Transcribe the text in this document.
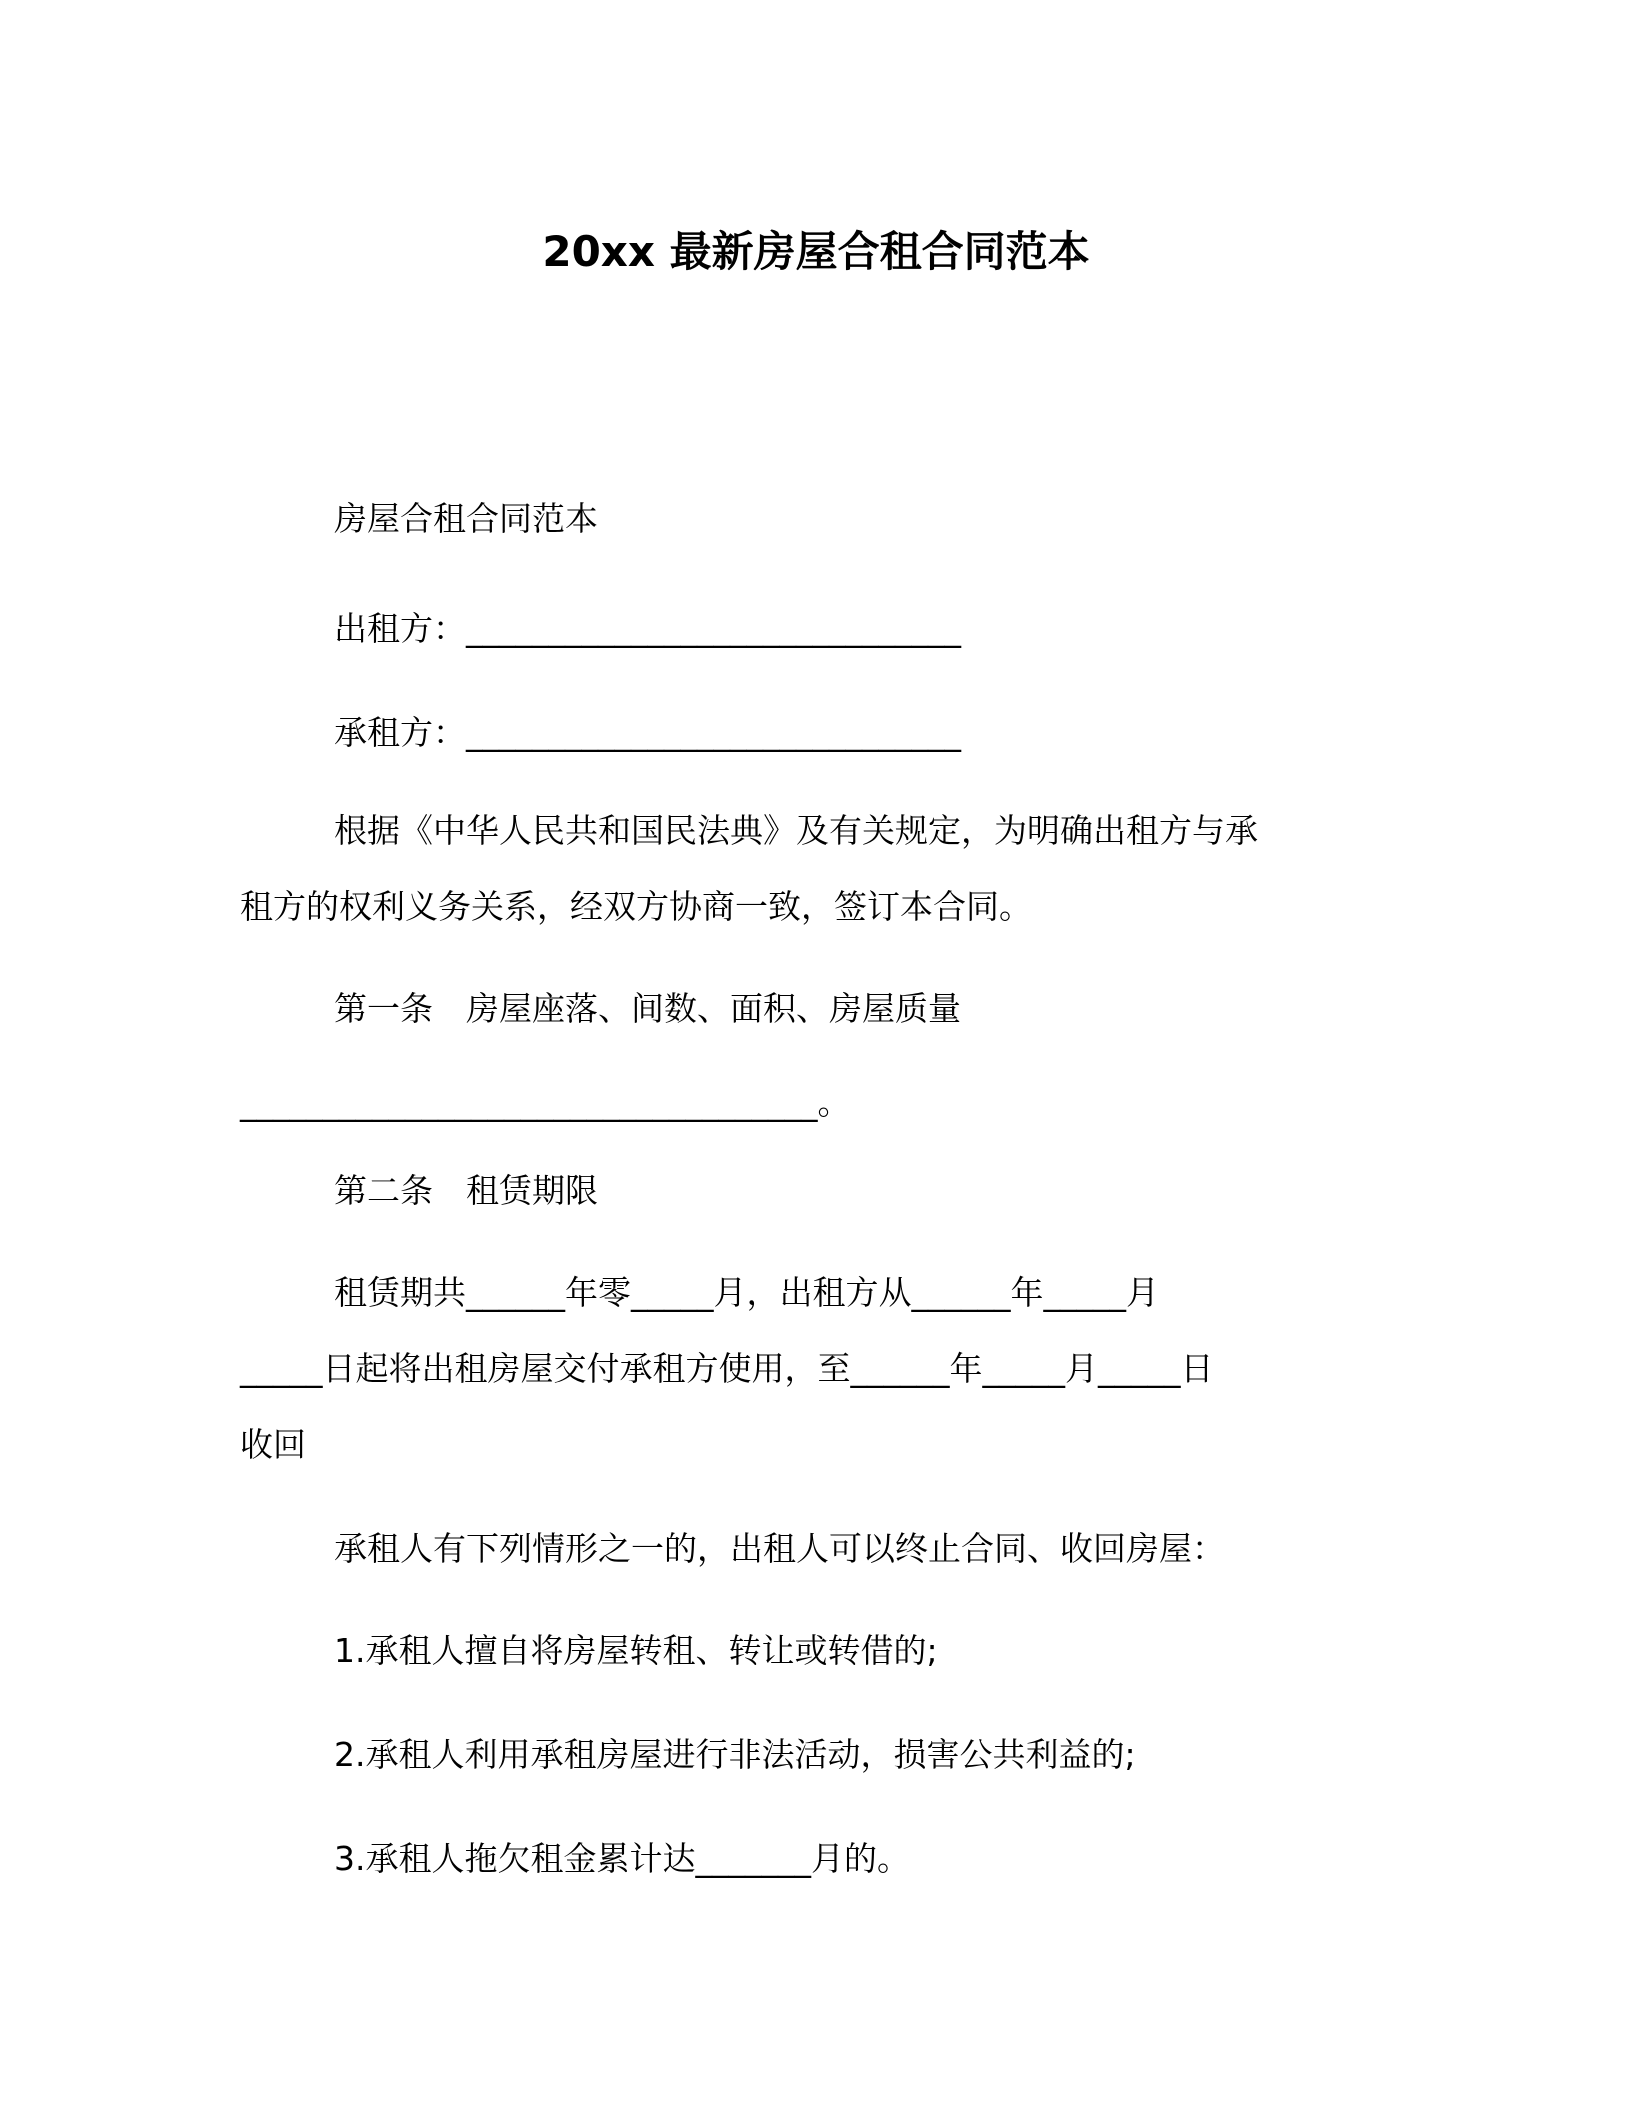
20xx 最新房屋合租合同范本
房屋合租合同范本
出租方：______________________________
承租方：______________________________
根据《中华人民共和国民法典》及有关规定，为明确出租方与承
租方的权利义务关系，经双方协商一致，签订本合同。
第一条　房屋座落、间数、面积、房屋质量
___________________________________。
第二条　租赁期限
租赁期共______年零_____月，出租方从______年_____月
_____日起将出租房屋交付承租方使用，至______年_____月_____日
收回
承租人有下列情形之一的，出租人可以终止合同、收回房屋：
1.承租人擅自将房屋转租、转让或转借的;
2.承租人利用承租房屋进行非法活动，损害公共利益的;
3.承租人拖欠租金累计达_______月的。
